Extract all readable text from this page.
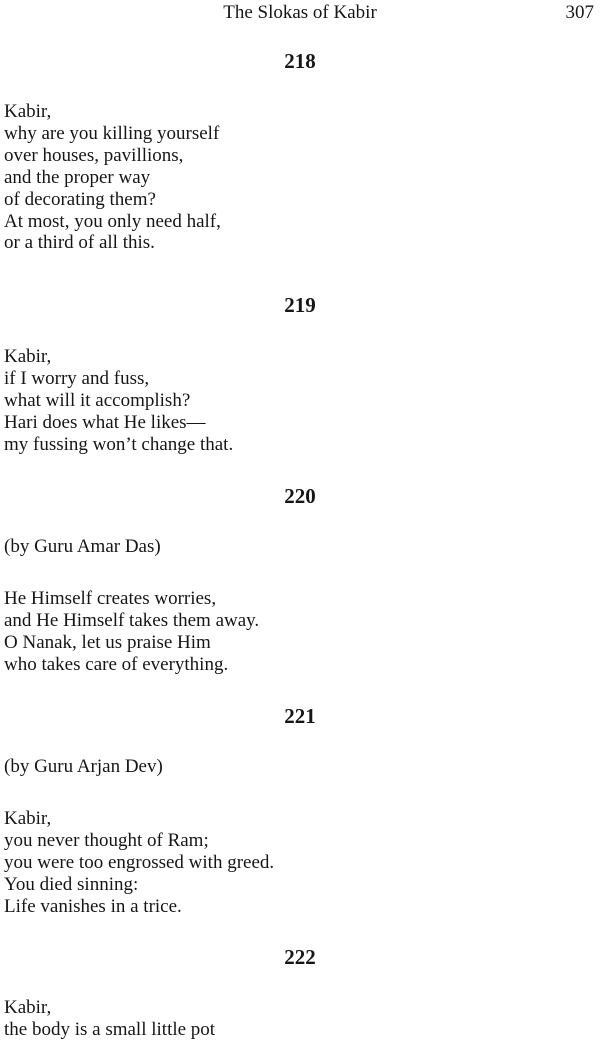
The Slokas of Kabir	307
218
Kabir,
why are you killing yourself
over houses, pavillions,
and the proper way
of decorating them?
At most, you only need half,
or a third of all this.
219
Kabir,
if I worry and fuss,
what will it accomplish?
Hari does what He likes—
my fussing won’t change that.
220
(by Guru Amar Das)
He Himself creates worries,
and He Himself takes them away.
O Nanak, let us praise Him
who takes care of everything.
221
(by Guru Arjan Dev)
Kabir,
you never thought of Ram;
you were too engrossed with greed.
You died sinning:
Life vanishes in a trice.
222
Kabir,
the body is a small little pot
